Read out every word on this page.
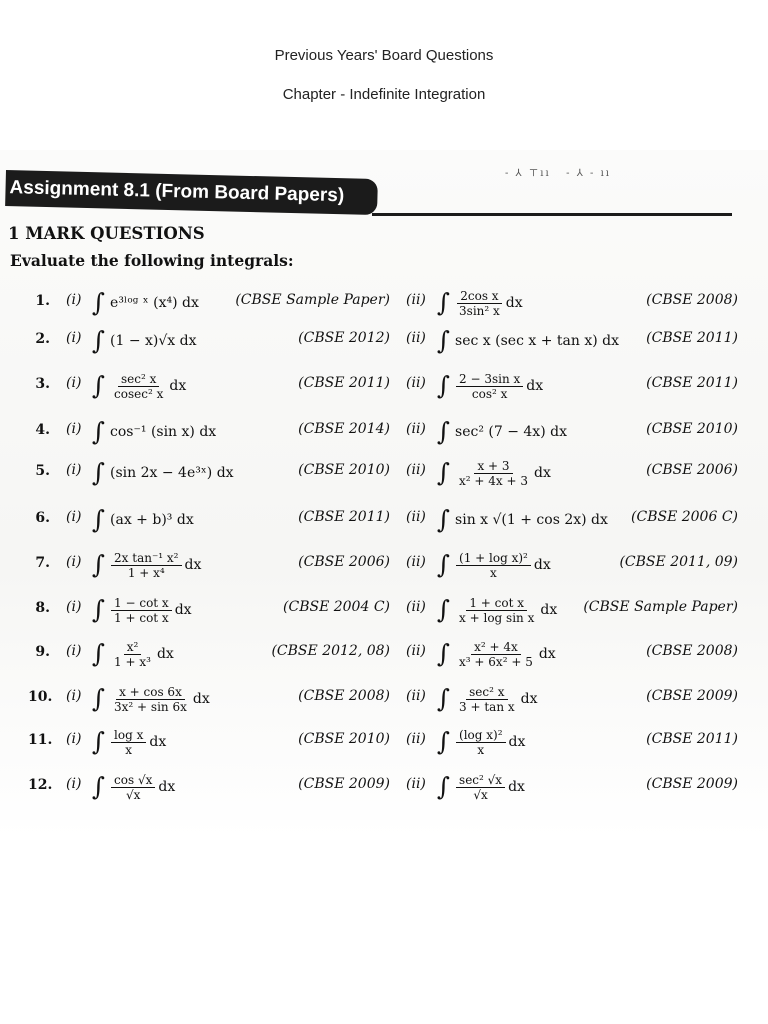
Previous Years' Board Questions
Chapter - Indefinite Integration
Assignment 8.1 (From Board Papers)
- ⅄ ⊤ıı   - ⅄ - ıı
1 MARK QUESTIONS
Evaluate the following integrals:
1. (i) ∫ e³ˡᵒᵍ ˣ (x⁴) dx	(CBSE Sample Paper) (ii) ∫ $\frac{\text{2cos x}}{\text{3sin² x}}$ dx	(CBSE 2008)
2. (i) ∫ (1 − x)√x dx	(CBSE 2012) (ii) ∫ sec x (sec x + tan x) dx	(CBSE 2011)
3. (i) ∫ $\frac{\text{sec² x}}{\text{cosec² x}}$ dx	(CBSE 2011) (ii) ∫ $\frac{\text{2 − 3sin x}}{\text{cos² x}}$ dx	(CBSE 2011)
4. (i) ∫ cos⁻¹ (sin x) dx	(CBSE 2014) (ii) ∫ sec² (7 − 4x) dx	(CBSE 2010)
5. (i) ∫ (sin 2x − 4e³ˣ) dx	(CBSE 2010) (ii) ∫ $\frac{x + 3}{\text{x² + 4x + 3}}$ dx	(CBSE 2006)
6. (i) ∫ (ax + b)³ dx	(CBSE 2011) (ii) ∫ sin x √(1 + cos 2x) dx	(CBSE 2006 C)
7. (i) ∫ $\frac{\text{2x tan⁻¹ x²}}{\text{1 + x⁴}}$ dx	(CBSE 2006) (ii) ∫ $\frac{\text{(1 + log x)²}}{x}$ dx	(CBSE 2011, 09)
8. (i) ∫ $\frac{\text{1 − cot x}}{\text{1 + cot x}}$ dx	(CBSE 2004 C) (ii) ∫ $\frac{\text{1 + cot x}}{\text{x + log sin x}}$ dx	(CBSE Sample Paper)
9. (i) ∫ $\frac{\text{x²}}{\text{1 + x³}}$ dx	(CBSE 2012, 08) (ii) ∫ $\frac{\text{x² + 4x}}{\text{x³ + 6x² + 5}}$ dx	(CBSE 2008)
10. (i) ∫ $\frac{x + \cos 6x}{\text{3x² + sin 6x}}$ dx	(CBSE 2008) (ii) ∫ $\frac{\text{sec² x}}{\text{3 + tan x}}$ dx	(CBSE 2009)
11. (i) ∫ $\frac{\text{log x}}{x}$ dx	(CBSE 2010) (ii) ∫ $\frac{\text{(log x)²}}{x}$ dx	(CBSE 2011)
12. (i) ∫ $\frac{\cos √x}{√x}$ dx	(CBSE 2009) (ii) ∫ $\frac{\text{sec² √x}}{√x}$ dx	(CBSE 2009)
